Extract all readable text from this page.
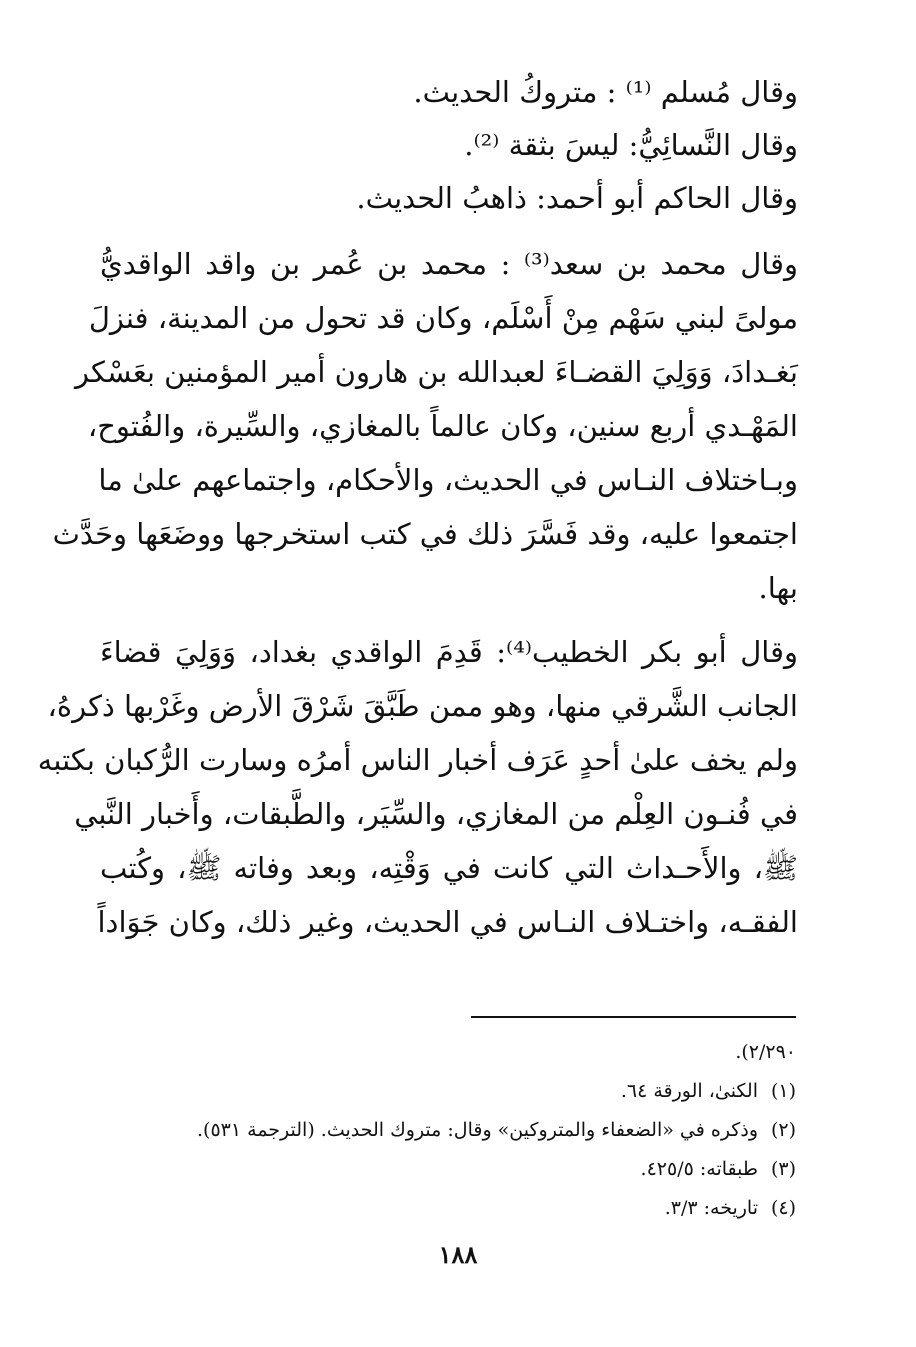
وقال مُسلم ⁽¹⁾ : متروكُ الحديث.
وقال النَّسائِيُّ: ليسَ بثقة ⁽²⁾.
وقال الحاكم أبو أحمد: ذاهبُ الحديث.
وقال محمد بن سعد⁽³⁾ : محمد بن عُمر بن واقد الواقديُّ
مولىً لبني سَهْم مِنْ أَسْلَم، وكان قد تحول من المدينة، فنزلَ
بَغـدادَ، وَوَلِيَ القضـاءَ لعبدالله بن هارون أمير المؤمنين بعَسْكر
المَهْـدي أربع سنين، وكان عالماً بالمغازي، والسِّيرة، والفُتوح،
وبـاختلاف النـاس في الحديث، والأحكام، واجتماعهم علىٰ ما
اجتمعوا عليه، وقد فَسَّرَ ذلك في كتب استخرجها ووضَعَها وحَدَّث
بها.
وقال أبو بكر الخطيب⁽⁴⁾: قَدِمَ الواقدي بغداد، وَوَلِيَ قضاءَ
الجانب الشَّرقي منها، وهو ممن طَبَّقَ شَرْقَ الأرض وغَرْبها ذكرهُ،
ولم يخف علىٰ أحدٍ عَرَف أخبار الناس أمرُه وسارت الرُّكبان بكتبه
في فُنـون العِلْم من المغازي، والسِّيَر، والطَّبقات، وأَخبار النَّبي
ﷺ، والأَحـداث التي كانت في وَقْتِه، وبعد وفاته ﷺ، وكُتب
الفقـه، واختـلاف النـاس في الحديث، وغير ذلك، وكان جَوَاداً
٢/٢٩٠).
(١)الكنىٰ، الورقة ٦٤.
(٢)وذكره في «الضعفاء والمتروكين» وقال: متروك الحديث. (الترجمة ٥٣١).
(٣)طبقاته: ٤٢٥/٥.
(٤)تاريخه: ٣/٣.
١٨٨
